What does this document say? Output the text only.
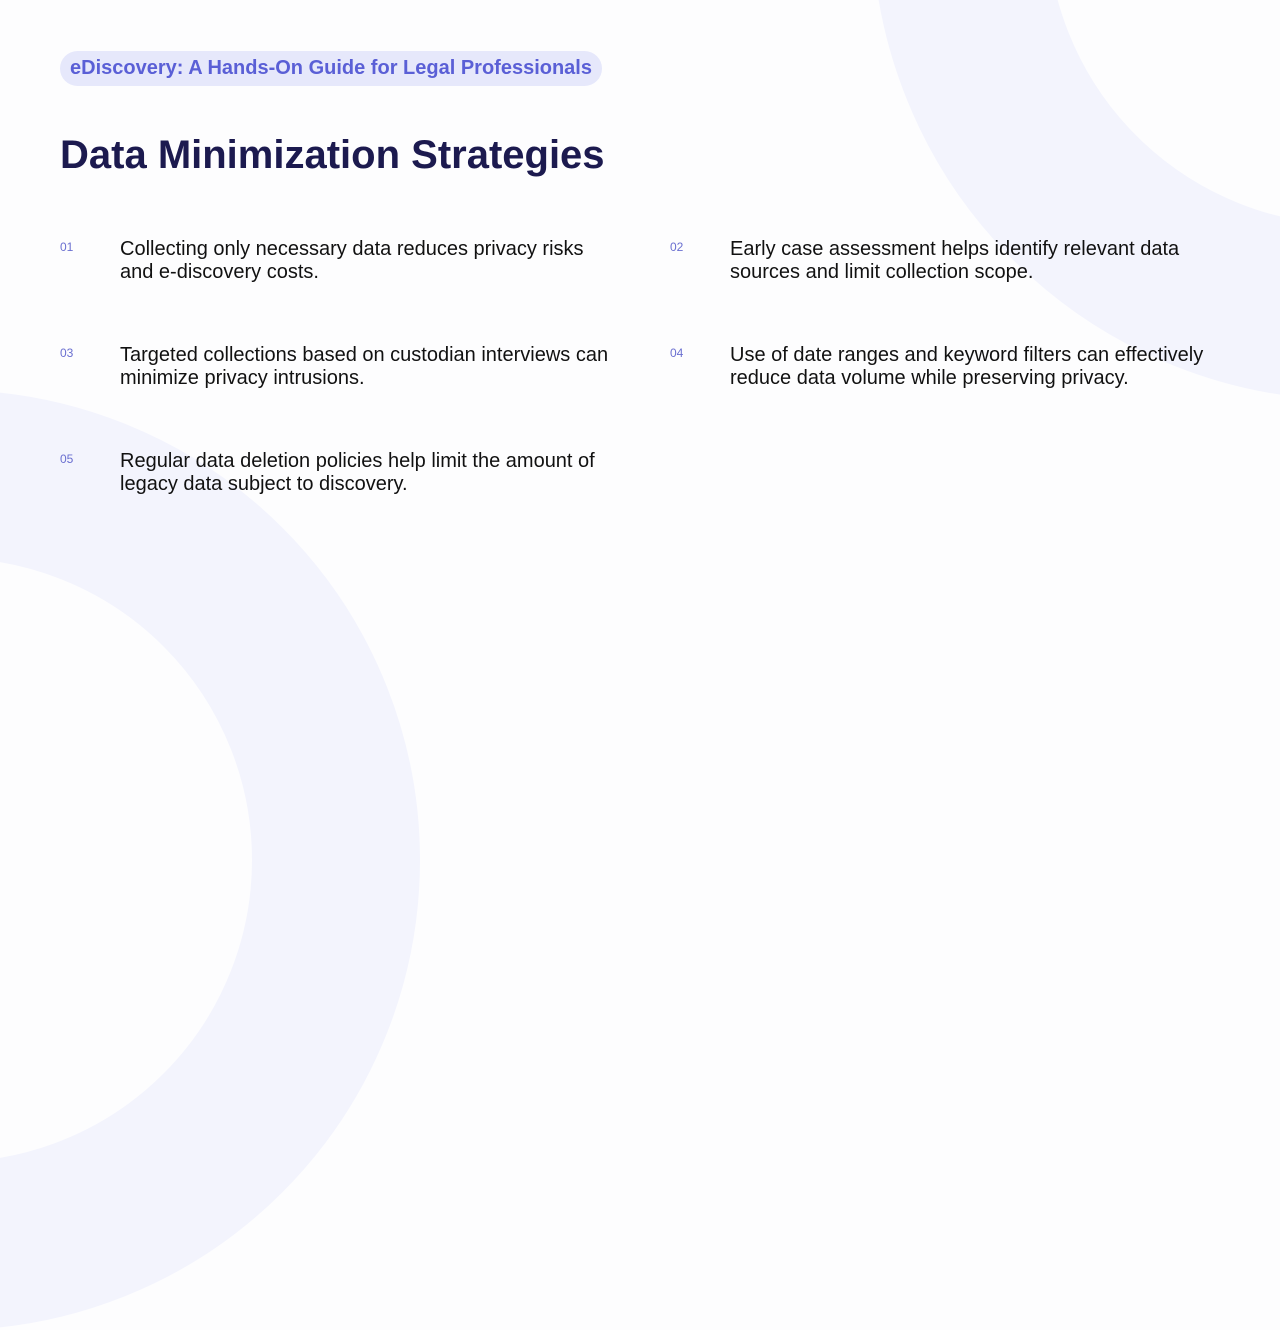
eDiscovery: A Hands-On Guide for Legal Professionals
Data Minimization Strategies
01 Collecting only necessary data reduces privacy risks and e-discovery costs.
02 Early case assessment helps identify relevant data sources and limit collection scope.
03 Targeted collections based on custodian interviews can minimize privacy intrusions.
04 Use of date ranges and keyword filters can effectively reduce data volume while preserving privacy.
05 Regular data deletion policies help limit the amount of legacy data subject to discovery.
